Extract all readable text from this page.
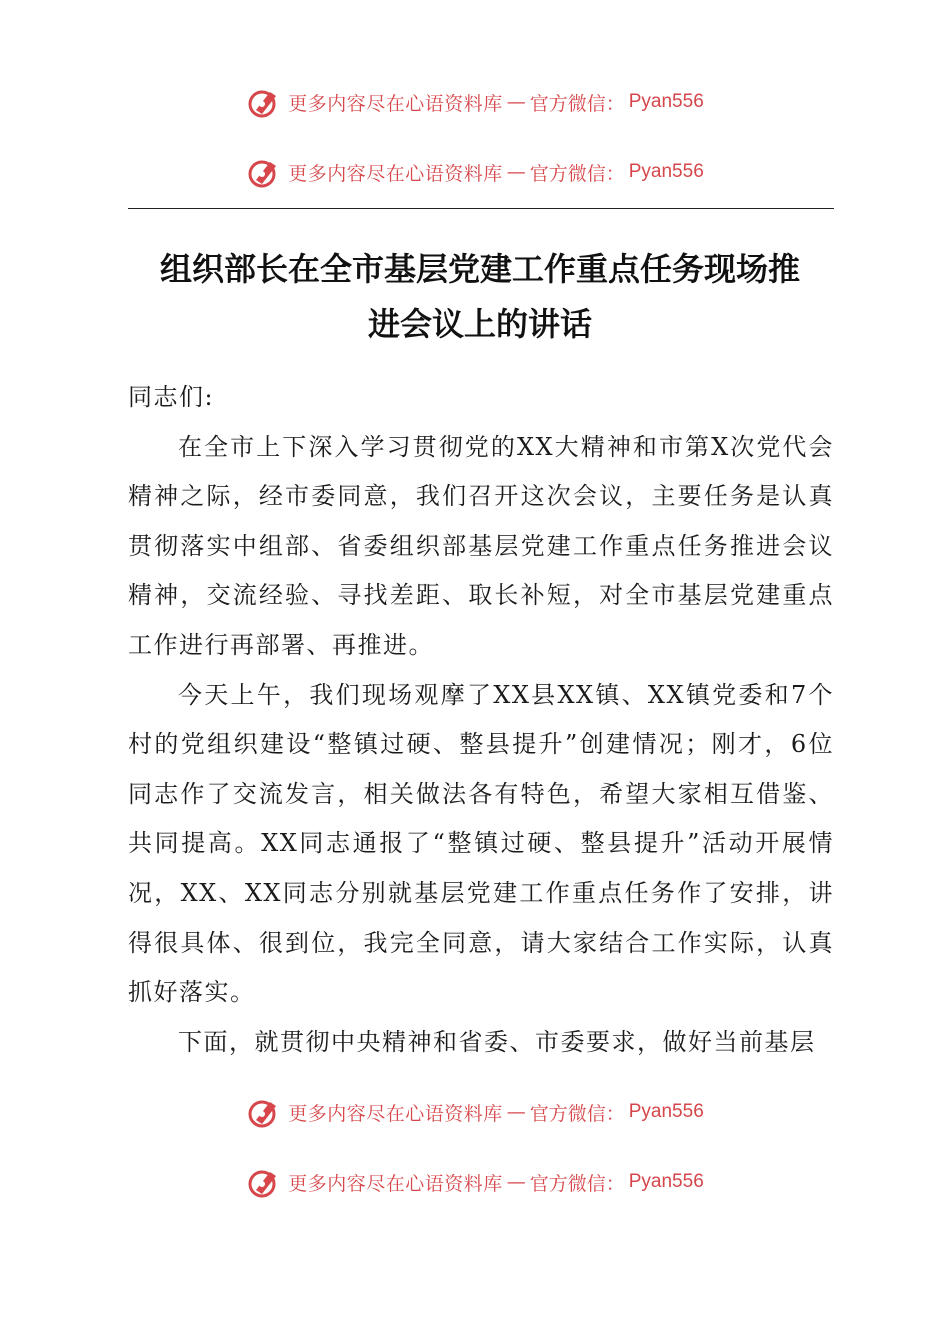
更多内容尽在心语资料库 — 官方微信： Pyan556
更多内容尽在心语资料库 — 官方微信： Pyan556
组织部长在全市基层党建工作重点任务现场推
进会议上的讲话

同志们:

在全市上下深入学习贯彻党的XX大精神和市第X次党代会精神之际，经市委同意，我们召开这次会议，主要任务是认真贯彻落实中组部、省委组织部基层党建工作重点任务推进会议精神，交流经验、寻找差距、取长补短，对全市基层党建重点工作进行再部署、再推进。

今天上午，我们现场观摩了XX县XX镇、XX镇党委和7个村的党组织建设“整镇过硬、整县提升”创建情况；刚才，6位同志作了交流发言，相关做法各有特色，希望大家相互借鉴、共同提高。XX同志通报了“整镇过硬、整县提升”活动开展情况，XX、XX同志分别就基层党建工作重点任务作了安排，讲得很具体、很到位，我完全同意，请大家结合工作实际，认真抓好落实。

下面，就贯彻中央精神和省委、市委要求，做好当前基层

更多内容尽在心语资料库 — 官方微信： Pyan556
更多内容尽在心语资料库 — 官方微信： Pyan556
